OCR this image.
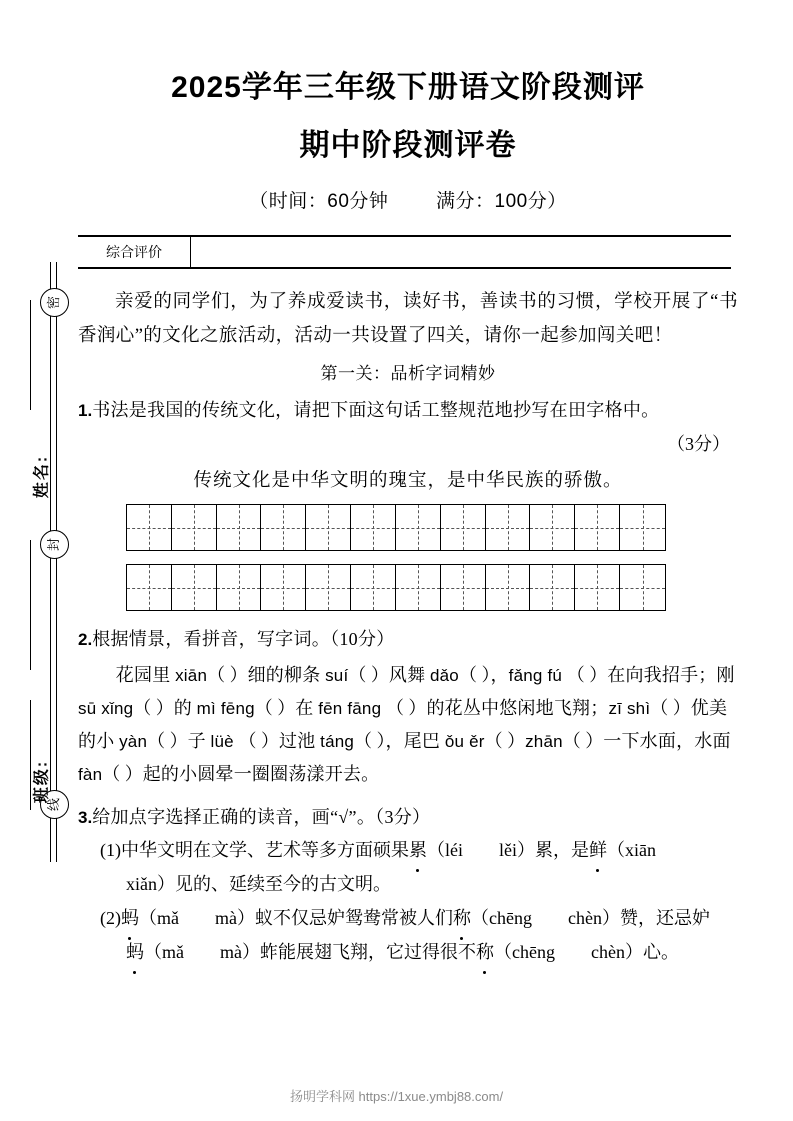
密
封
线
姓名:
班级:
2025学年三年级下册语文阶段测评
期中阶段测评卷
（时间：60分钟	满分：100分）
综合评价
亲爱的同学们，为了养成爱读书，读好书，善读书的习惯，学校开展了“书香润心”的文化之旅活动，活动一共设置了四关，请你一起参加闯关吧！
第一关：品析字词精妙
1.书法是我国的传统文化，请把下面这句话工整规范地抄写在田字格中。
（3分）
传统文化是中华文明的瑰宝，是中华民族的骄傲。
2.根据情景，看拼音，写字词。（10分）
花园里 xiān（ ）细的柳条 suí（ ）风舞 dǎo（ ），fǎng fú （ ）在向我招手；刚 sū xǐng（ ）的 mì fēng（ ）在 fēn fāng （ ）的花丛中悠闲地飞翔；zī shì（ ）优美的小 yàn（ ）子 lüè （ ）过池 táng（ ），尾巴 ǒu ěr（ ）zhān（ ）一下水面，水面 fàn（ ）起的小圆晕一圈圈荡漾开去。
3.给加点字选择正确的读音，画“√”。（3分）
(1)中华文明在文学、艺术等多方面硕果累（léi　　lěi）累，是鲜（xiān
xiǎn）见的、延续至今的古文明。
(2)蚂（mǎ　　mà）蚁不仅忌妒鸳鸯常被人们称（chēng　　chèn）赞，还忌妒
蚂（mǎ　　mà）蚱能展翅飞翔，它过得很不称（chēng　　chèn）心。
扬明学科网 https://1xue.ymbj88.com/
